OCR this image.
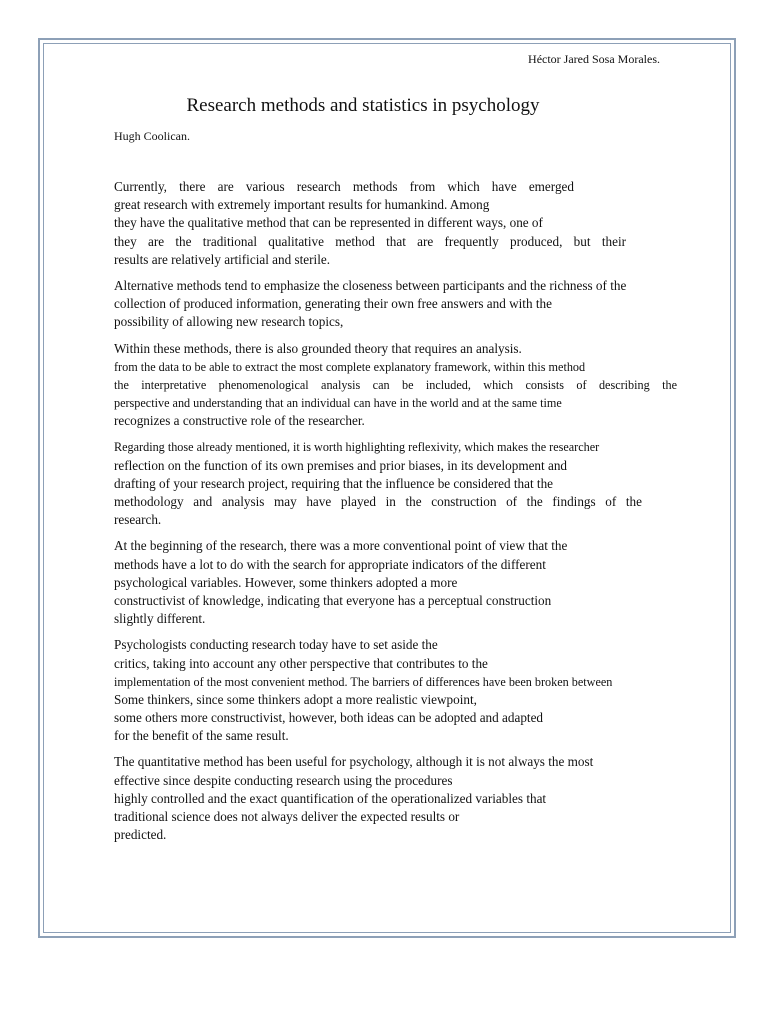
Héctor Jared Sosa Morales.
Research methods and statistics in psychology
Hugh Coolican.
Currently, there are various research methods from which have emerged
great research with extremely important results for humankind. Among
they have the qualitative method that can be represented in different ways, one of
they are the traditional qualitative method that are frequently produced, but their
results are relatively artificial and sterile.
Alternative methods tend to emphasize the closeness between participants and the richness of the
collection of produced information, generating their own free answers and with the
possibility of allowing new research topics,
Within these methods, there is also grounded theory that requires an analysis.
from the data to be able to extract the most complete explanatory framework, within this method
the interpretative phenomenological analysis can be included, which consists of describing the
perspective and understanding that an individual can have in the world and at the same time
recognizes a constructive role of the researcher.
Regarding those already mentioned, it is worth highlighting reflexivity, which makes the researcher
reflection on the function of its own premises and prior biases, in its development and
drafting of your research project, requiring that the influence be considered that the
methodology and analysis may have played in the construction of the findings of the
research.
At the beginning of the research, there was a more conventional point of view that the
methods have a lot to do with the search for appropriate indicators of the different
psychological variables. However, some thinkers adopted a more
constructivist of knowledge, indicating that everyone has a perceptual construction
slightly different.
Psychologists conducting research today have to set aside the
critics, taking into account any other perspective that contributes to the
implementation of the most convenient method. The barriers of differences have been broken between
Some thinkers, since some thinkers adopt a more realistic viewpoint,
some others more constructivist, however, both ideas can be adopted and adapted
for the benefit of the same result.
The quantitative method has been useful for psychology, although it is not always the most
effective since despite conducting research using the procedures
highly controlled and the exact quantification of the operationalized variables that
traditional science does not always deliver the expected results or
predicted.
